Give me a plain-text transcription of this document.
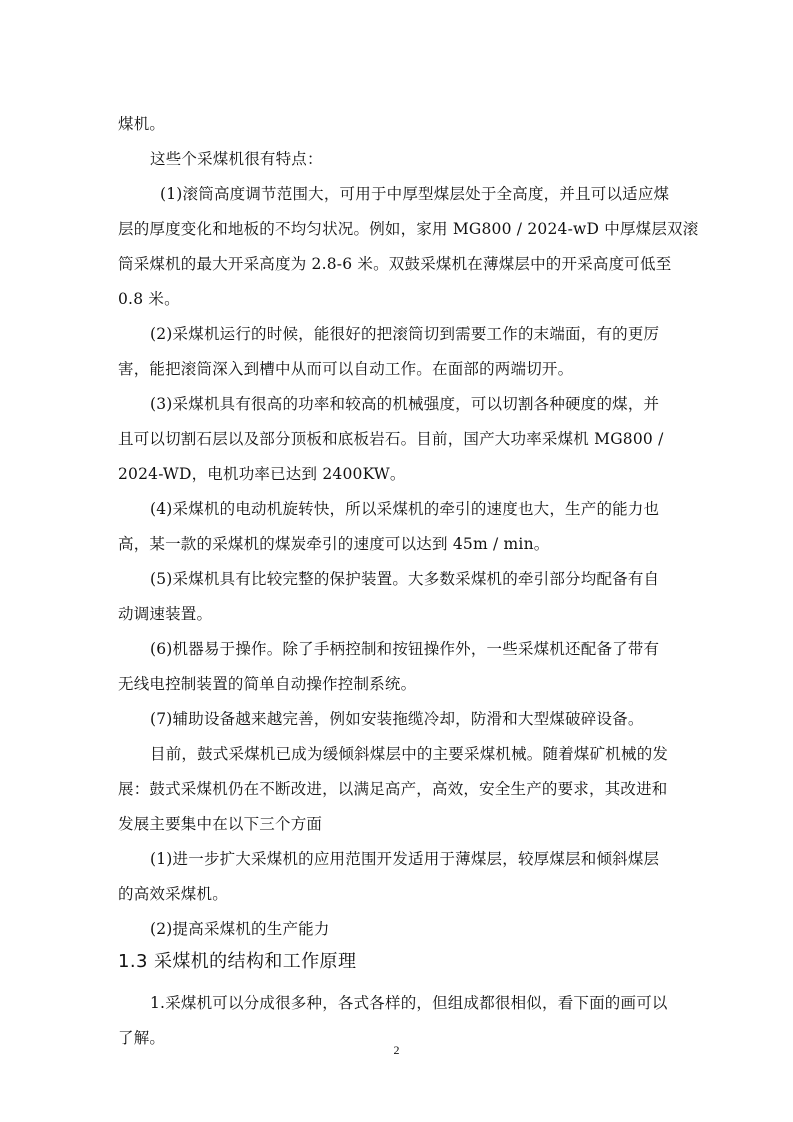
煤机。
这些个采煤机很有特点：
(1)滚筒高度调节范围大，可用于中厚型煤层处于全高度，并且可以适应煤
层的厚度变化和地板的不均匀状况。例如，家用 MG800 / 2024-wD 中厚煤层双滚
筒采煤机的最大开采高度为 2.8-6 米。双鼓采煤机在薄煤层中的开采高度可低至
0.8 米。
(2)采煤机运行的时候，能很好的把滚筒切到需要工作的末端面，有的更厉
害，能把滚筒深入到槽中从而可以自动工作。在面部的两端切开。
(3)采煤机具有很高的功率和较高的机械强度，可以切割各种硬度的煤，并
且可以切割石层以及部分顶板和底板岩石。目前，国产大功率采煤机 MG800 /
2024-WD，电机功率已达到 2400KW。
(4)采煤机的电动机旋转快，所以采煤机的牵引的速度也大，生产的能力也
高，某一款的采煤机的煤炭牵引的速度可以达到 45m / min。
(5)采煤机具有比较完整的保护装置。大多数采煤机的牵引部分均配备有自
动调速装置。
(6)机器易于操作。除了手柄控制和按钮操作外，一些采煤机还配备了带有
无线电控制装置的简单自动操作控制系统。
(7)辅助设备越来越完善，例如安装拖缆冷却，防滑和大型煤破碎设备。
目前，鼓式采煤机已成为缓倾斜煤层中的主要采煤机械。随着煤矿机械的发
展：鼓式采煤机仍在不断改进，以满足高产，高效，安全生产的要求，其改进和
发展主要集中在以下三个方面
(1)进一步扩大采煤机的应用范围开发适用于薄煤层，较厚煤层和倾斜煤层
的高效采煤机。
(2)提高采煤机的生产能力
1.3 采煤机的结构和工作原理
1.采煤机可以分成很多种，各式各样的，但组成都很相似，看下面的画可以
了解。
2
